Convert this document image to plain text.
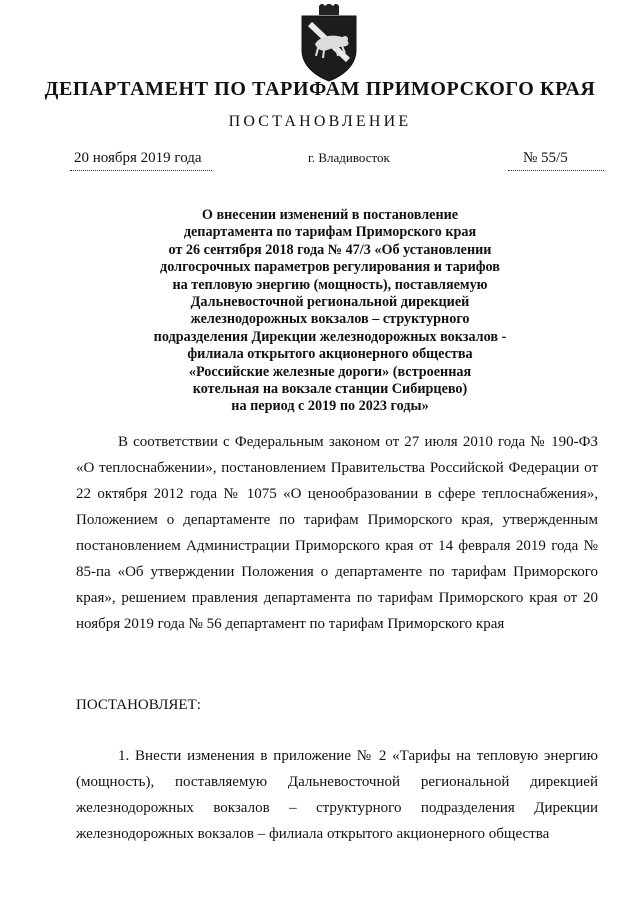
ДЕПАРТАМЕНТ ПО ТАРИФАМ ПРИМОРСКОГО КРАЯ
ПОСТАНОВЛЕНИЕ
20 ноября 2019 года	г. Владивосток	№ 55/5
О внесении изменений в постановление
департамента по тарифам Приморского края
от 26 сентября 2018 года № 47/3 «Об установлении
долгосрочных параметров регулирования и тарифов
на тепловую энергию (мощность), поставляемую
Дальневосточной региональной дирекцией
железнодорожных вокзалов – структурного
подразделения Дирекции железнодорожных вокзалов -
филиала открытого акционерного общества
«Российские железные дороги» (встроенная
котельная на вокзале станции Сибирцево)
на период с 2019 по 2023 годы»
В соответствии с Федеральным законом от 27 июля 2010 года № 190-ФЗ «О теплоснабжении», постановлением Правительства Российской Федерации от 22 октября 2012 года № 1075 «О ценообразовании в сфере теплоснабжения», Положением о департаменте по тарифам Приморского края, утвержденным постановлением Администрации Приморского края от 14 февраля 2019 года № 85-па «Об утверждении Положения о департаменте по тарифам Приморского края», решением правления департамента по тарифам Приморского края от 20 ноября 2019 года № 56 департамент по тарифам Приморского края
ПОСТАНОВЛЯЕТ:
1. Внести изменения в приложение № 2 «Тарифы на тепловую энергию (мощность), поставляемую Дальневосточной региональной дирекцией железнодорожных вокзалов – структурного подразделения Дирекции железнодорожных вокзалов – филиала открытого акционерного общества
